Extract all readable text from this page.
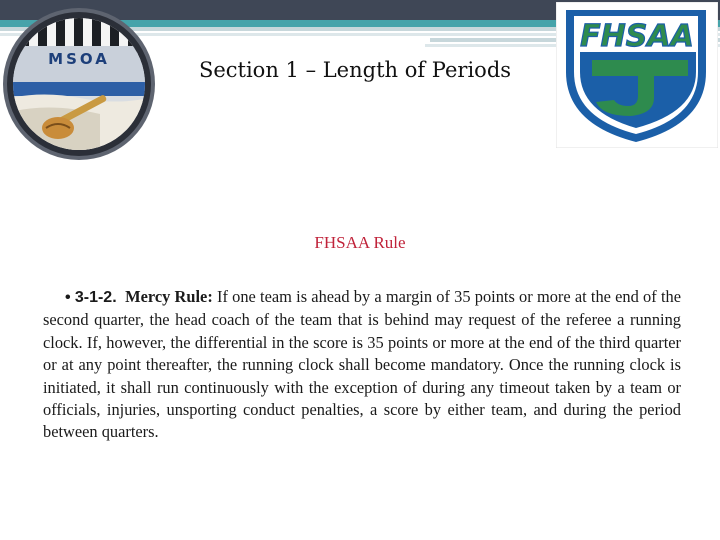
MSOA
FHSAA
Section 1 – Length of Periods
FHSAA Rule

• 3-1-2. Mercy Rule: If one team is ahead by a margin of 35 points or more at the end of the second quarter, the head coach of the team that is behind may request of the referee a running clock. If, however, the differential in the score is 35 points or more at the end of the third quarter or at any point thereafter, the running clock shall become mandatory. Once the running clock is initiated, it shall run continuously with the exception of during any timeout taken by a team or officials, injuries, unsporting conduct penalties, a score by either team, and during the period between quarters.
